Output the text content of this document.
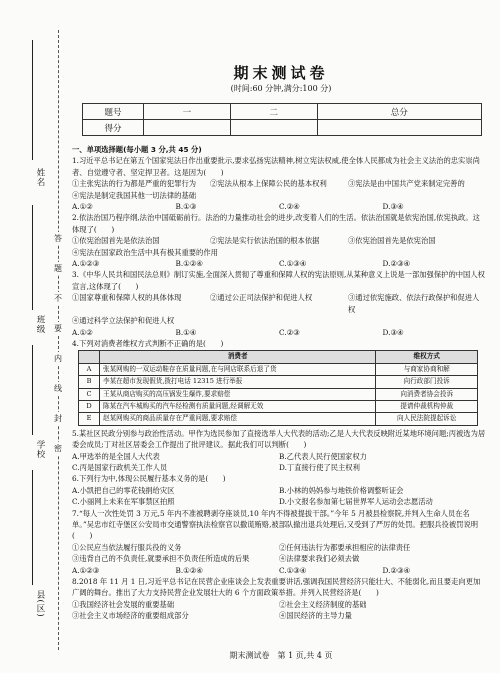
姓名
班级
学校
县(区)
答
题
不
要
内
线
封
密
期末测试卷
(时间:60 分钟,满分:100 分)
题号	一	二	总分
得分			
一、单项选择题(每小题 3 分,共 45 分)
1.习近平总书记在第五个国家宪法日作出重要批示,要求弘扬宪法精神,树立宪法权威,使全体人民都成为社会主义法治的忠实崇尚者、自觉遵守者、坚定捍卫者。这是因为(　　)
①主张宪法的行为都是严重的犯罪行为	②宪法从根本上保障公民的基本权利	③宪法是由中国共产党来制定完善的
④宪法是制定我国其他一切法律的基础
A.①②	B.①③	C.②④	D.③④
2.依法治国乃程序纲,法治中国砥砺前行。法治的力量推动社会的进步,改变着人们的生活。依法治国就是依宪治国,依宪执政。这体现了(　　)
①依宪治国首先是依法治国	②宪法是实行依法治国的根本依据	③依宪治国首先是依宪治国
④宪法在国家政治生活中具有极其重要的作用
A.①②③	B.①②④	C.①③④	D.②③④
3.《中华人民共和国民法总则》制订实施,全面深入贯彻了尊重和保障人权的宪法原则,从某种意义上说是一部加强保护的中国人权宣言,这体现了(　　)
①国家尊重和保障人权的具体体现	②通过公正司法保护和促进人权	③通过依宪施政、依法行政保护和促进人权
④通过科学立法保护和促进人权
A.①②	B.①④	C.②③	D.③④
4.下列对消费者维权方式判断不正确的是(　　)
	消费者	维权方式
A	张某网购的一双运动鞋存在质量问题,在与网店联系后退了货	与商家协商和解
B	李某在超市发现假货,拨打电话 12315 进行举报	向行政部门投诉
C	王某从商店购买的高压锅发生爆炸,要求赔偿	向消费者协会投诉
D	陈某在汽车城购买的汽车经检测有质量问题,经调解无效	提请仲裁机构仲裁
E	赵某网购买的商品质量存在严重问题,要求赔偿	向人民法院提起诉讼
5.某社区民政分别参与政治性活动。甲作为选民参加了直接选举人大代表的活动;乙是人大代表反映附近某地环境问题;丙被选为居委会成员;丁对社区居委会工作提出了批评建议。据此我们可以判断(　　)
A.甲选举的是全国人大代表	B.乙代表人民行使国家权力
C.丙是国家行政机关工作人员	D.丁直接行使了民主权利
6.下列行为中,体现公民履行基本义务的是(　　)
A.小凯把自己的零花钱捐给灾区	B.小林的妈妈参与地铁价格调整听证会
C.小丽网上未来在军事禁区拍照	D.小文报名参加第七届世界军人运动会志愿活动
7.“每人一次性处罚 3 万元,5 年内不准被聘剥夺座谈员,10 年内不得被提拔干部。”今年 5 月被县检察院,并判入生命人员在名单。”吴忠市红寺堡区公安局市交通警察执法检察官以撒谎贿赂,被部队撤出退兵处理后,又受到了严厉的处罚。把服兵役被罚说明(　　)
①公民应当依法履行服兵役的义务	②任何违法行为都要承担相应的法律责任
③违背自己的不负责任,就要承担不负责任所造成的后果	④法律要求我们必须去做
A.①②③	B.①②④	C.①③④	D.②③④
8.2018 年 11 月 1 日,习近平总书记在民营企业座谈会上发表重要讲话,强调我国民营经济只能壮大、不能弱化,而且要走向更加广阔的舞台。推出了大力支持民营企业发展壮大的 6 个方面政策举措。并列入民营经济是(　　)
①我国经济社会发展的重要基础	②社会主义经济制度的基础
③社会主义市场经济的重要组成部分	④国民经济的主导力量
期末测试卷　第 1 页,共 4 页
